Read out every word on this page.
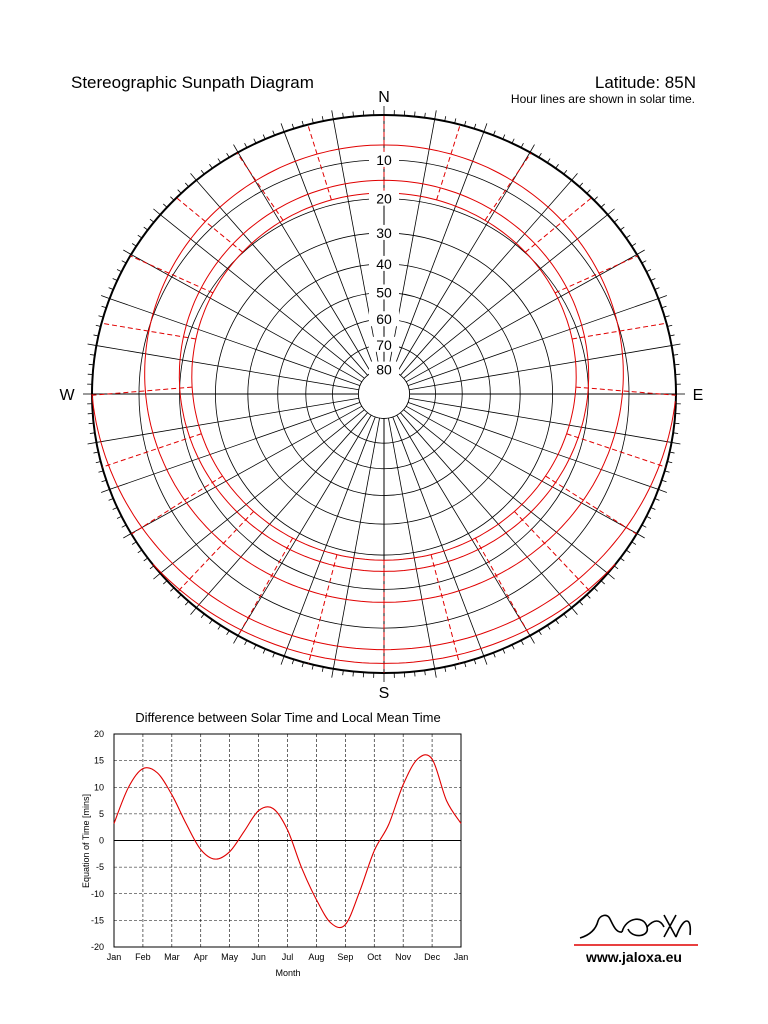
10
20
30
40
50
60
70
80
N
S
W	E
Stereographic Sunpath Diagram	Latitude: 85N
Hour lines are shown in solar time.
Difference between Solar Time and Local Mean Time
Jan Feb Mar Apr May Jun Jul Aug Sep Oct Nov Dec Jan
20
15
10
5
0
-5
-10
-15
-20
Month
Equation of Time [mins]
www.jaloxa.eu
